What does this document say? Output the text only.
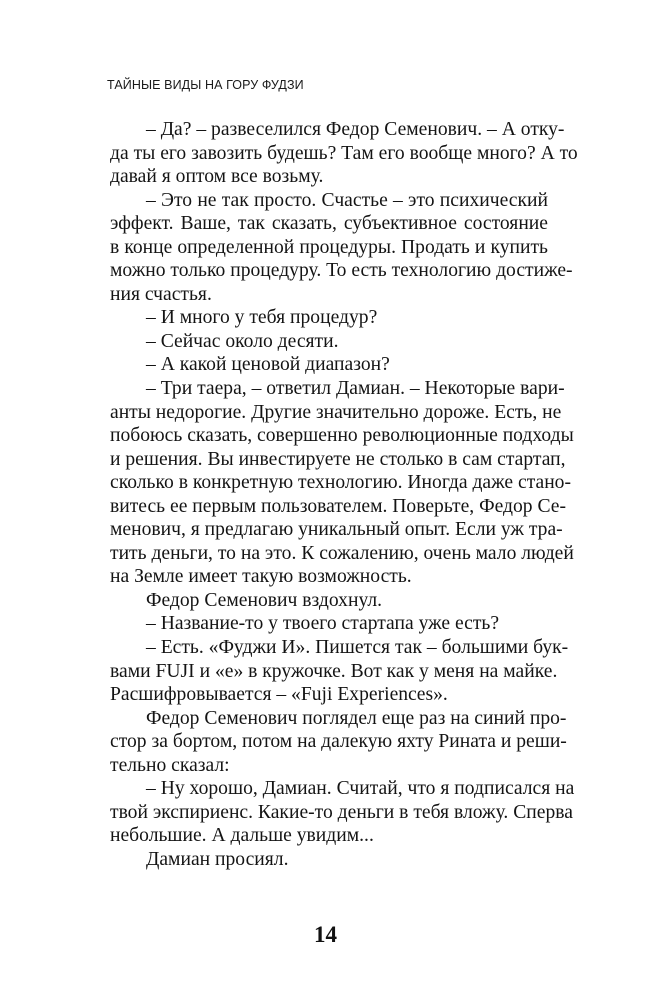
ТАЙНЫЕ ВИДЫ НА ГОРУ ФУДЗИ
– Да? – развеселился Федор Семенович. – А отку-
да ты его завозить будешь? Там его вообще много? А то
давай я оптом все возьму.
– Это не так просто. Счастье – это психический
эффект. Ваше, так сказать, субъективное состояние
в конце определенной процедуры. Продать и купить
можно только процедуру. То есть технологию достиже-
ния счастья.
– И много у тебя процедур?
– Сейчас около десяти.
– А какой ценовой диапазон?
– Три таера, – ответил Дамиан. – Некоторые вари-
анты недорогие. Другие значительно дороже. Есть, не
побоюсь сказать, совершенно революционные подходы
и решения. Вы инвестируете не столько в сам стартап,
сколько в конкретную технологию. Иногда даже стано-
витесь ее первым пользователем. Поверьте, Федор Се-
менович, я предлагаю уникальный опыт. Если уж тра-
тить деньги, то на это. К сожалению, очень мало людей
на Земле имеет такую возможность.
Федор Семенович вздохнул.
– Название-то у твоего стартапа уже есть?
– Есть. «Фуджи И». Пишется так – большими бук-
вами FUJI и «е» в кружочке. Вот как у меня на майке.
Расшифровывается – «Fuji Experiences».
Федор Семенович поглядел еще раз на синий про-
стор за бортом, потом на далекую яхту Рината и реши-
тельно сказал:
– Ну хорошо, Дамиан. Считай, что я подписался на
твой экспириенс. Какие-то деньги в тебя вложу. Сперва
небольшие. А дальше увидим...
Дамиан просиял.
14
